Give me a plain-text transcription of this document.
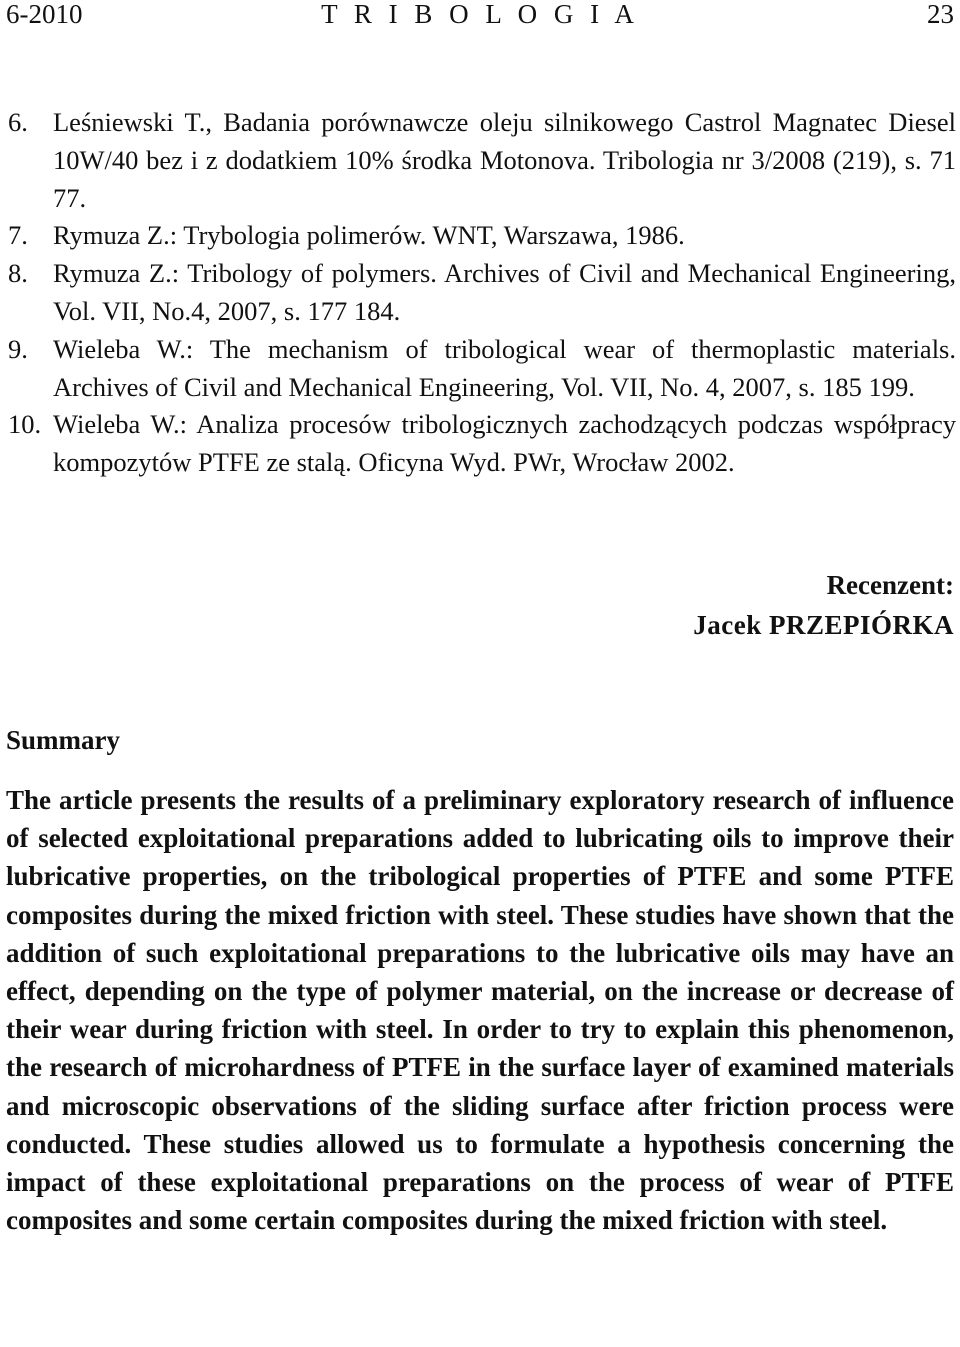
6-2010	T R I B O L O G I A	23
6. Leśniewski T., Badania porównawcze oleju silnikowego Castrol Magnatec Diesel 10W/40 bez i z dodatkiem 10% środka Motonova. Tribologia nr 3/2008 (219), s. 71 77.
7. Rymuza Z.: Trybologia polimerów. WNT, Warszawa, 1986.
8. Rymuza Z.: Tribology of polymers. Archives of Civil and Mechanical Engineering, Vol. VII, No.4, 2007, s. 177 184.
9. Wieleba W.: The mechanism of tribological wear of thermoplastic materials. Archives of Civil and Mechanical Engineering, Vol. VII, No. 4, 2007, s. 185 199.
10. Wieleba W.: Analiza procesów tribologicznych zachodzących podczas współpracy kompozytów PTFE ze stalą. Oficyna Wyd. PWr, Wrocław 2002.
Recenzent:
Jacek PRZEPIÓRKA
Summary
The article presents the results of a preliminary exploratory research of influence of selected exploitational preparations added to lubricating oils to improve their lubricative properties, on the tribological properties of PTFE and some PTFE composites during the mixed friction with steel. These studies have shown that the addition of such exploitational preparations to the lubricative oils may have an effect, depending on the type of polymer material, on the increase or decrease of their wear during friction with steel. In order to try to explain this phenomenon, the research of microhardness of PTFE in the surface layer of examined materials and microscopic observations of the sliding surface after friction process were conducted. These studies allowed us to formulate a hypothesis concerning the impact of these exploitational preparations on the process of wear of PTFE composites and some certain composites during the mixed friction with steel.
